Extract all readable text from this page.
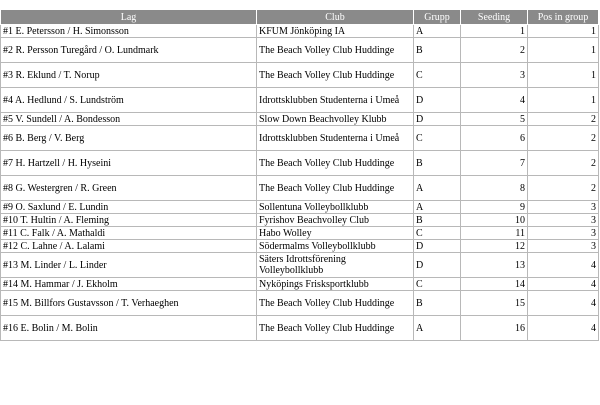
Lag	Club	Grupp	Seeding	Pos in group
#1 E. Petersson / H. Simonsson	KFUM Jönköping IA	A	1	1
#2 R. Persson Turegård / O. Lundmark	The Beach Volley Club Huddinge	B	2	1
#3 R. Eklund / T. Norup	The Beach Volley Club Huddinge	C	3	1
#4 A. Hedlund / S. Lundström	Idrottsklubben Studenterna i Umeå	D	4	1
#5 V. Sundell / A. Bondesson	Slow Down Beachvolley Klubb	D	5	2
#6 B. Berg / V. Berg	Idrottsklubben Studenterna i Umeå	C	6	2
#7 H. Hartzell / H. Hyseini	The Beach Volley Club Huddinge	B	7	2
#8 G. Westergren / R. Green	The Beach Volley Club Huddinge	A	8	2
#9 O. Saxlund / E. Lundin	Sollentuna Volleybollklubb	A	9	3
#10 T. Hultin / A. Fleming	Fyrishov Beachvolley Club	B	10	3
#11 C. Falk / A. Mathaldi	Habo Wolley	C	11	3
#12 C. Lahne / A. Lalami	Södermalms Volleybollklubb	D	12	3
#13 M. Linder / L. Linder	Säters Idrottsförening Volleybollklubb	D	13	4
#14 M. Hammar / J. Ekholm	Nyköpings Frisksportklubb	C	14	4
#15 M. Billfors Gustavsson / T. Verhaeghen	The Beach Volley Club Huddinge	B	15	4
#16 E. Bolin / M. Bolin	The Beach Volley Club Huddinge	A	16	4
